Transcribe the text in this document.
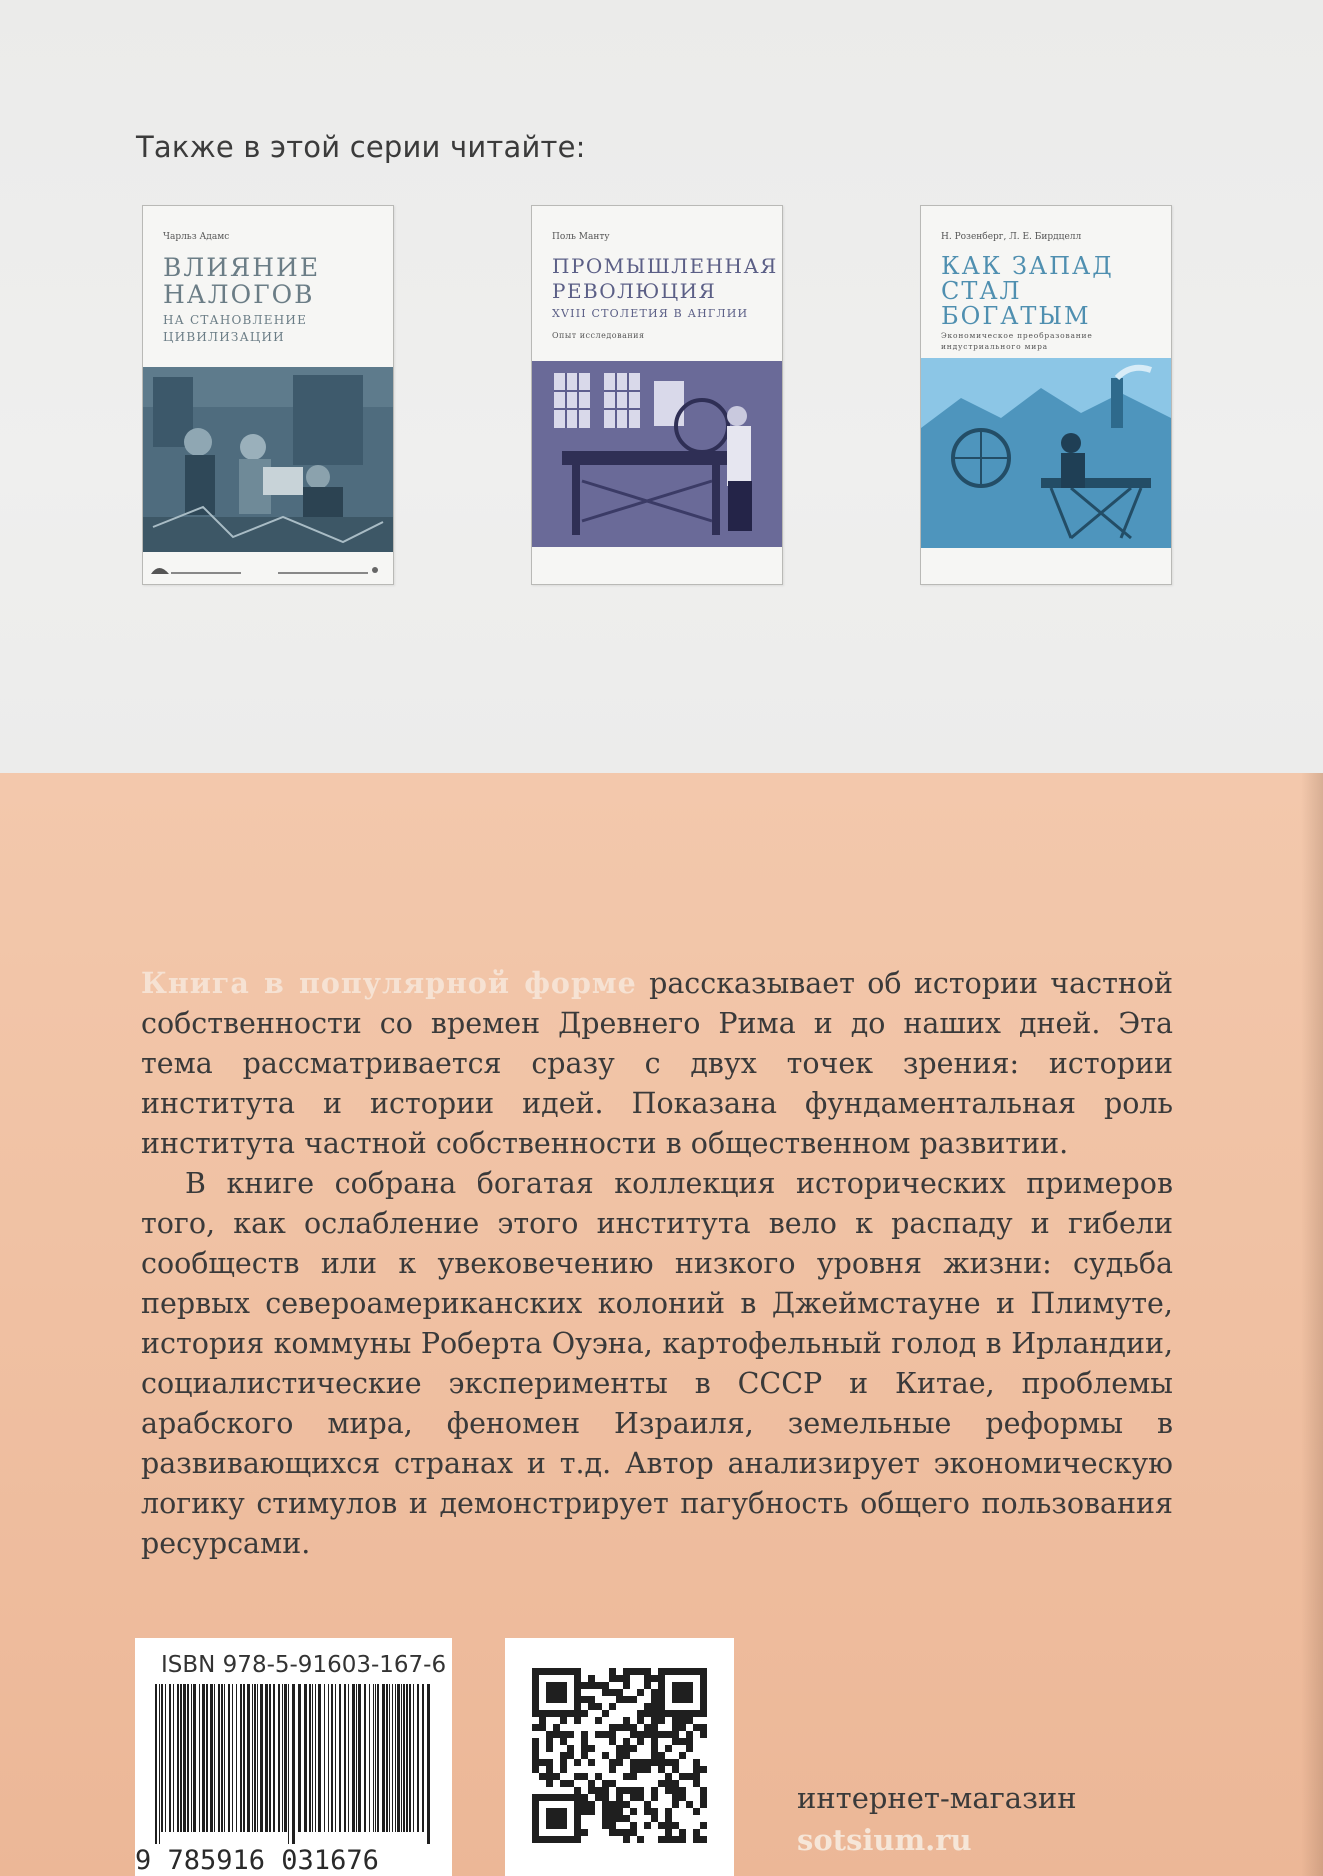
Также в этой серии читайте:
Чарльз Адамс
ВЛИЯНИЕ
НАЛОГОВ
НА СТАНОВЛЕНИЕ
ЦИВИЛИЗАЦИИ
Поль Манту
ПРОМЫШЛЕННАЯ
РЕВОЛЮЦИЯ
XVIII СТОЛЕТИЯ В АНГЛИИ
Опыт исследования
Н. Розенберг, Л. Е. Бирдцелл
КАК ЗАПАД
СТАЛ
БОГАТЫМ
Экономическое преобразование
индустриального мира

Книга в популярной форме рассказывает об истории частной собственности со времен Древнего Рима и до наших дней. Эта тема рассматривается сразу с двух точек зрения: истории института и истории идей. Показана фундаментальная роль института частной собственности в общественном развитии.

В книге собрана богатая коллекция исторических примеров того, как ослабление этого института вело к распаду и гибели сообществ или к увековечению низкого уровня жизни: судьба первых североамериканских колоний в Джеймстауне и Плимуте, история коммуны Роберта Оуэна, картофельный голод в Ирландии, социалистические эксперименты в СССР и Китае, проблемы арабского мира, феномен Израиля, земельные реформы в развивающихся странах и т.д. Автор анализирует экономическую логику стимулов и демонстрирует пагубность общего пользования ресурсами.

ISBN 978-5-91603-167-6
9 785916 031676
интернет-магазин
sotsium.ru
